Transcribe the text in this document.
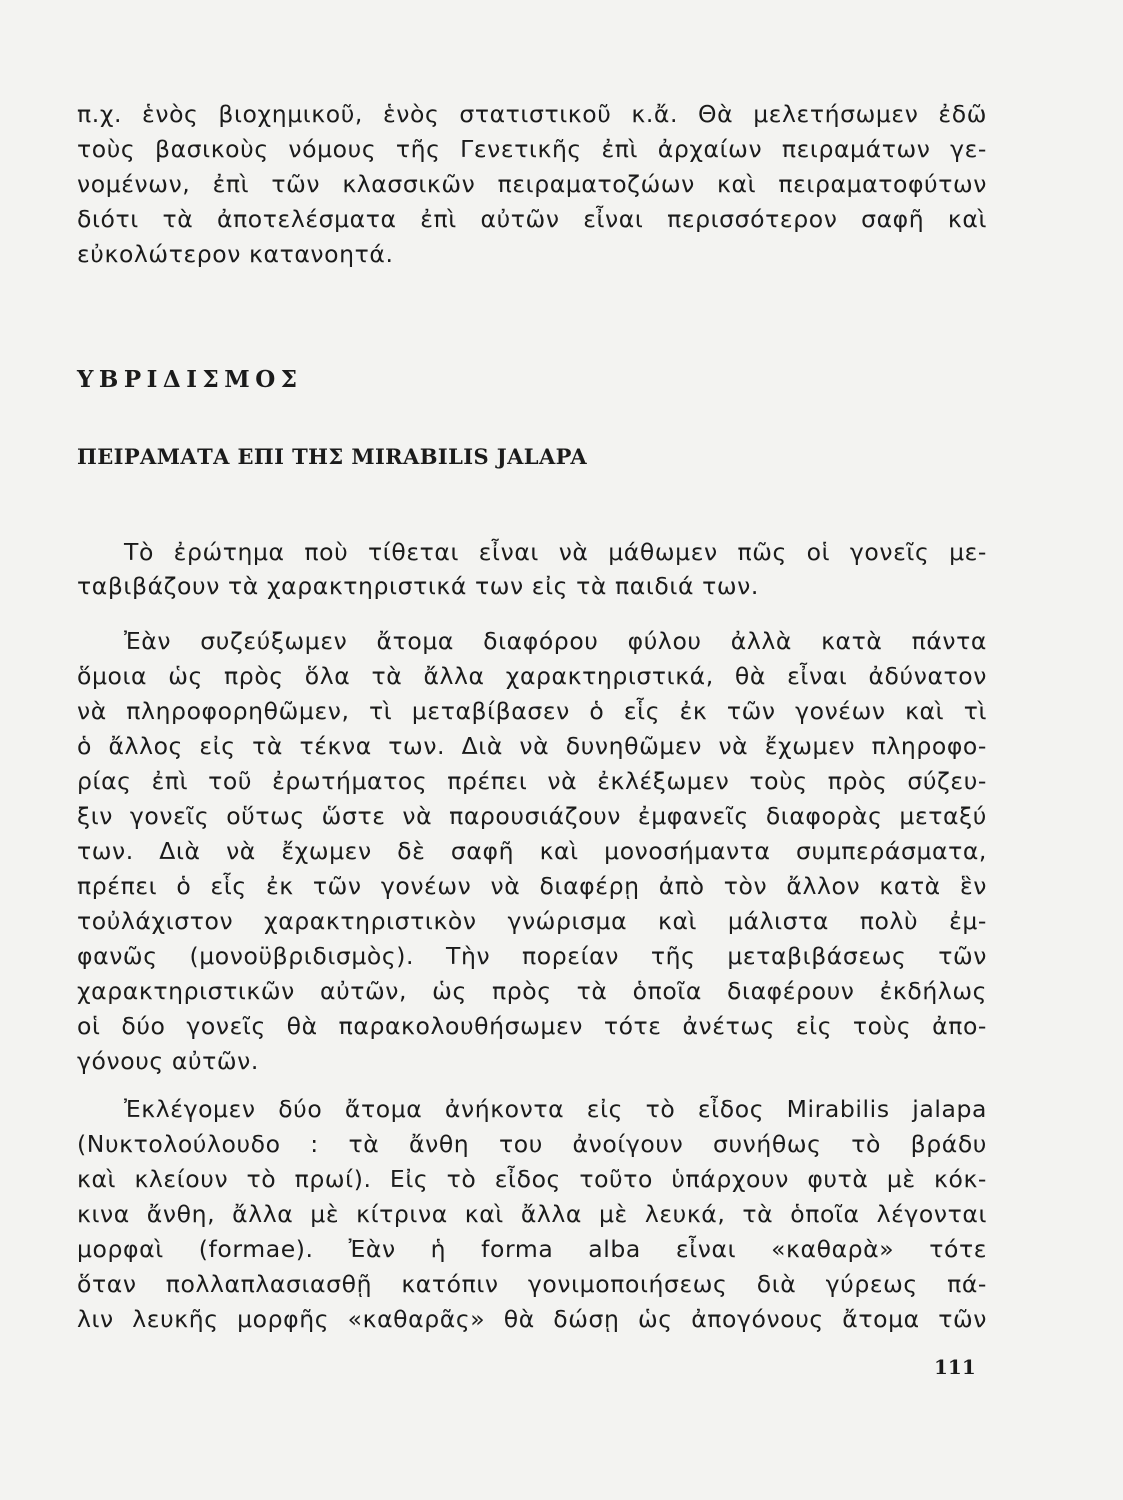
π.χ. ἑνὸς βιοχημικοῦ, ἑνὸς στατιστικοῦ κ.ἄ. Θὰ μελετήσωμεν ἐδῶ
τοὺς βασικοὺς νόμους τῆς Γενετικῆς ἐπὶ ἀρχαίων πειραμάτων γε-
νομένων, ἐπὶ τῶν κλασσικῶν πειραματοζώων καὶ πειραματοφύτων
διότι τὰ ἀποτελέσματα ἐπὶ αὐτῶν εἶναι περισσότερον σαφῆ καὶ
εὐκολώτερον κατανοητά.
ΥΒΡΙΔΙΣΜΟΣ
ΠΕΙΡΑΜΑΤΑ ΕΠΙ ΤΗΣ MIRABILIS JALAPA
Τὸ ἐρώτημα ποὺ τίθεται εἶναι νὰ μάθωμεν πῶς οἱ γονεῖς με-
ταβιβάζουν τὰ χαρακτηριστικά των εἰς τὰ παιδιά των.
Ἐὰν συζεύξωμεν ἄτομα διαφόρου φύλου ἀλλὰ κατὰ πάντα
ὅμοια ὡς πρὸς ὅλα τὰ ἄλλα χαρακτηριστικά, θὰ εἶναι ἀδύνατον
νὰ πληροφορηθῶμεν, τὶ μεταβίβασεν ὁ εἷς ἐκ τῶν γονέων καὶ τὶ
ὁ ἄλλος εἰς τὰ τέκνα των. Διὰ νὰ δυνηθῶμεν νὰ ἔχωμεν πληροφο-
ρίας ἐπὶ τοῦ ἐρωτήματος πρέπει νὰ ἐκλέξωμεν τοὺς πρὸς σύζευ-
ξιν γονεῖς οὕτως ὥστε νὰ παρουσιάζουν ἐμφανεῖς διαφορὰς μεταξύ
των. Διὰ νὰ ἔχωμεν δὲ σαφῆ καὶ μονοσήμαντα συμπεράσματα,
πρέπει ὁ εἷς ἐκ τῶν γονέων νὰ διαφέρῃ ἀπὸ τὸν ἄλλον κατὰ ἓν
τοὐλάχιστον χαρακτηριστικὸν γνώρισμα καὶ μάλιστα πολὺ ἐμ-
φανῶς (μονοϋβριδισμὸς). Τὴν πορείαν τῆς μεταβιβάσεως τῶν
χαρακτηριστικῶν αὐτῶν, ὡς πρὸς τὰ ὁποῖα διαφέρουν ἐκδήλως
οἱ δύο γονεῖς θὰ παρακολουθήσωμεν τότε ἀνέτως εἰς τοὺς ἀπο-
γόνους αὐτῶν.
Ἐκλέγομεν δύο ἄτομα ἀνήκοντα εἰς τὸ εἶδος Mirabilis jalapa
(Νυκτολούλουδο : τὰ ἄνθη του ἀνοίγουν συνήθως τὸ βράδυ
καὶ κλείουν τὸ πρωί). Εἰς τὸ εἶδος τοῦτο ὑπάρχουν φυτὰ μὲ κόκ-
κινα ἄνθη, ἄλλα μὲ κίτρινα καὶ ἄλλα μὲ λευκά, τὰ ὁποῖα λέγονται
μορφαὶ (formae). Ἐὰν ἡ forma alba εἶναι «καθαρὰ» τότε
ὅταν πολλαπλασιασθῇ κατόπιν γονιμοποιήσεως διὰ γύρεως πά-
λιν λευκῆς μορφῆς «καθαρᾶς» θὰ δώσῃ ὡς ἀπογόνους ἄτομα τῶν
111
